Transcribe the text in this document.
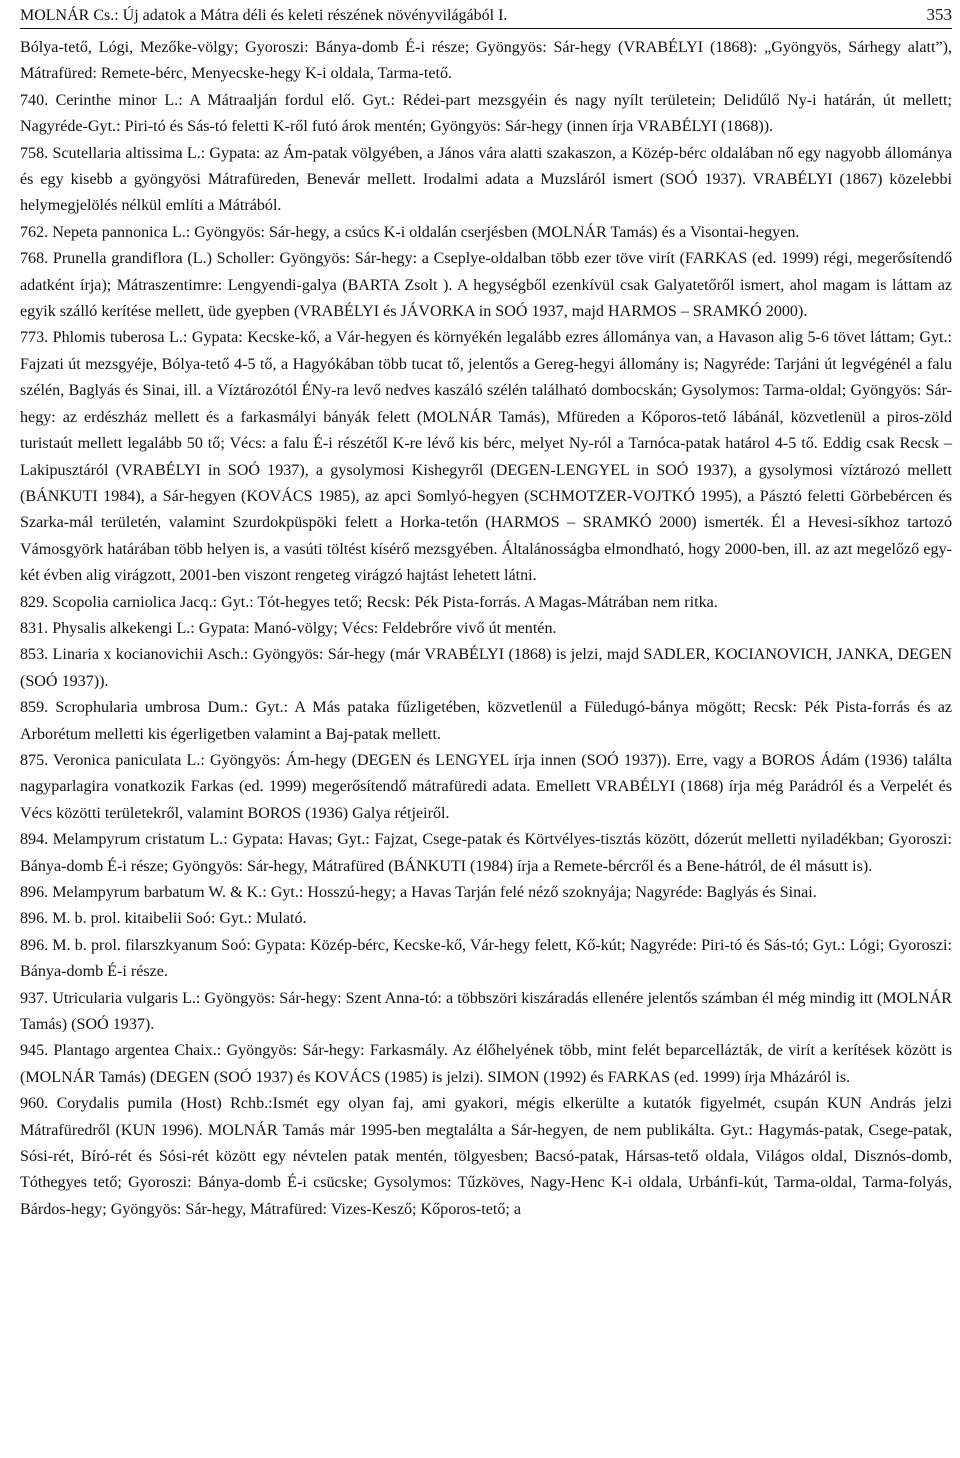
MOLNÁR Cs.: Új adatok a Mátra déli és keleti részének növényvilágából I.	353

Bólya-tető, Lógi, Mezőke-völgy; Gyoroszi: Bánya-domb É-i része; Gyöngyös: Sár-hegy (VRABÉLYI (1868): „Gyöngyös, Sárhegy alatt”), Mátrafüred: Remete-bérc, Menyecske-hegy K-i oldala, Tarma-tető.

740. Cerinthe minor L.: A Mátraalján fordul elő. Gyt.: Rédei-part mezsgyéin és nagy nyílt területein; Delidűlő Ny-i határán, út mellett; Nagyréde-Gyt.: Piri-tó és Sás-tó feletti K-ről futó árok mentén; Gyöngyös: Sár-hegy (innen írja VRABÉLYI (1868)).

758. Scutellaria altissima L.: Gypata: az Ám-patak völgyében, a János vára alatti szakaszon, a Közép-bérc oldalában nő egy nagyobb állománya és egy kisebb a gyöngyösi Mátrafüreden, Benevár mellett. Irodalmi adata a Muzsláról ismert (SOÓ 1937). VRABÉLYI (1867) közelebbi helymegjelölés nélkül említi a Mátrából.

762. Nepeta pannonica L.: Gyöngyös: Sár-hegy, a csúcs K-i oldalán cserjésben (MOLNÁR Tamás) és a Visontai-hegyen.

768. Prunella grandiflora (L.) Scholler: Gyöngyös: Sár-hegy: a Cseplye-oldalban több ezer töve virít (FARKAS (ed. 1999) régi, megerősítendő adatként írja); Mátraszentimre: Lengyendi-galya (BARTA Zsolt ). A hegységből ezenkívül csak Galyatetőről ismert, ahol magam is láttam az egyik szálló kerítése mellett, üde gyepben (VRABÉLYI és JÁVORKA in SOÓ 1937, majd HARMOS – SRAMKÓ 2000).

773. Phlomis tuberosa L.: Gypata: Kecske-kő, a Vár-hegyen és környékén legalább ezres állománya van, a Havason alig 5-6 tövet láttam; Gyt.: Fajzati út mezsgyéje, Bólya-tető 4-5 tő, a Hagyókában több tucat tő, jelentős a Gereg-hegyi állomány is; Nagyréde: Tarjáni út legvégénél a falu szélén, Baglyás és Sinai, ill. a Víztározótól ÉNy-ra levő nedves kaszáló szélén található dombocskán; Gysolymos: Tarma-oldal; Gyöngyös: Sár-hegy: az erdészház mellett és a farkasmályi bányák felett (MOLNÁR Tamás), Mfüreden a Kőporos-tető lábánál, közvetlenül a piros-zöld turistaút mellett legalább 50 tő; Vécs: a falu É-i részétől K-re lévő kis bérc, melyet Ny-ról a Tarnóca-patak határol 4-5 tő. Eddig csak Recsk – Lakipusztáról (VRABÉLYI in SOÓ 1937), a gysolymosi Kishegyről (DEGEN-LENGYEL in SOÓ 1937), a gysolymosi víztározó mellett (BÁNKUTI 1984), a Sár-hegyen (KOVÁCS 1985), az apci Somlyó-hegyen (SCHMOTZER-VOJTKÓ 1995), a Pásztó feletti Görbebércen és Szarka-mál területén, valamint Szurdokpüspöki felett a Horka-tetőn (HARMOS – SRAMKÓ 2000) ismerték. Él a Hevesi-síkhoz tartozó Vámosgyörk határában több helyen is, a vasúti töltést kísérő mezsgyében. Általánosságba elmondható, hogy 2000-ben, ill. az azt megelőző egy-két évben alig virágzott, 2001-ben viszont rengeteg virágzó hajtást lehetett látni.

829. Scopolia carniolica Jacq.: Gyt.: Tót-hegyes tető; Recsk: Pék Pista-forrás. A Magas-Mátrában nem ritka.

831. Physalis alkekengi L.: Gypata: Manó-völgy; Vécs: Feldebrőre vivő út mentén.

853. Linaria x kocianovichii Asch.: Gyöngyös: Sár-hegy (már VRABÉLYI (1868) is jelzi, majd SADLER, KOCIANOVICH, JANKA, DEGEN (SOÓ 1937)).

859. Scrophularia umbrosa Dum.: Gyt.: A Más pataka fűzligetében, közvetlenül a Füledugó-bánya mögött; Recsk: Pék Pista-forrás és az Arborétum melletti kis égerligetben valamint a Baj-patak mellett.

875. Veronica paniculata L.: Gyöngyös: Ám-hegy (DEGEN és LENGYEL írja innen (SOÓ 1937)). Erre, vagy a BOROS Ádám (1936) találta nagyparlagira vonatkozik Farkas (ed. 1999) megerősítendő mátrafüredi adata. Emellett VRABÉLYI (1868) írja még Parádról és a Verpelét és Vécs közötti területekről, valamint BOROS (1936) Galya rétjeiről.

894. Melampyrum cristatum L.: Gypata: Havas; Gyt.: Fajzat, Csege-patak és Körtvélyes-tisztás között, dózerút melletti nyiladékban; Gyoroszi: Bánya-domb É-i része; Gyöngyös: Sár-hegy, Mátrafüred (BÁNKUTI (1984) írja a Remete-bércről és a Bene-hátról, de él másutt is).

896. Melampyrum barbatum W. & K.: Gyt.: Hosszú-hegy; a Havas Tarján felé néző szoknyája; Nagyréde: Baglyás és Sinai.

896. M. b. prol. kitaibelii Soó: Gyt.: Mulató.

896. M. b. prol. filarszkyanum Soó: Gypata: Közép-bérc, Kecske-kő, Vár-hegy felett, Kő-kút; Nagyréde: Piri-tó és Sás-tó; Gyt.: Lógi; Gyoroszi: Bánya-domb É-i része.

937. Utricularia vulgaris L.: Gyöngyös: Sár-hegy: Szent Anna-tó: a többszöri kiszáradás ellenére jelentős számban él még mindig itt (MOLNÁR Tamás) (SOÓ 1937).

945. Plantago argentea Chaix.: Gyöngyös: Sár-hegy: Farkasmály. Az élőhelyének több, mint felét beparcellázták, de virít a kerítések között is (MOLNÁR Tamás) (DEGEN (SOÓ 1937) és KOVÁCS (1985) is jelzi). SIMON (1992) és FARKAS (ed. 1999) írja Mházáról is.

960. Corydalis pumila (Host) Rchb.:Ismét egy olyan faj, ami gyakori, mégis elkerülte a kutatók figyelmét, csupán KUN András jelzi Mátrafüredről (KUN 1996). MOLNÁR Tamás már 1995-ben megtalálta a Sár-hegyen, de nem publikálta. Gyt.: Hagymás-patak, Csege-patak, Sósi-rét, Bíró-rét és Sósi-rét között egy névtelen patak mentén, tölgyesben; Bacsó-patak, Hársas-tető oldala, Világos oldal, Disznós-domb, Tóthegyes tető; Gyoroszi: Bánya-domb É-i csücske; Gysolymos: Tűzköves, Nagy-Henc K-i oldala, Urbánfi-kút, Tarma-oldal, Tarma-folyás, Bárdos-hegy; Gyöngyös: Sár-hegy, Mátrafüred: Vizes-Kesző; Kőporos-tető; a
